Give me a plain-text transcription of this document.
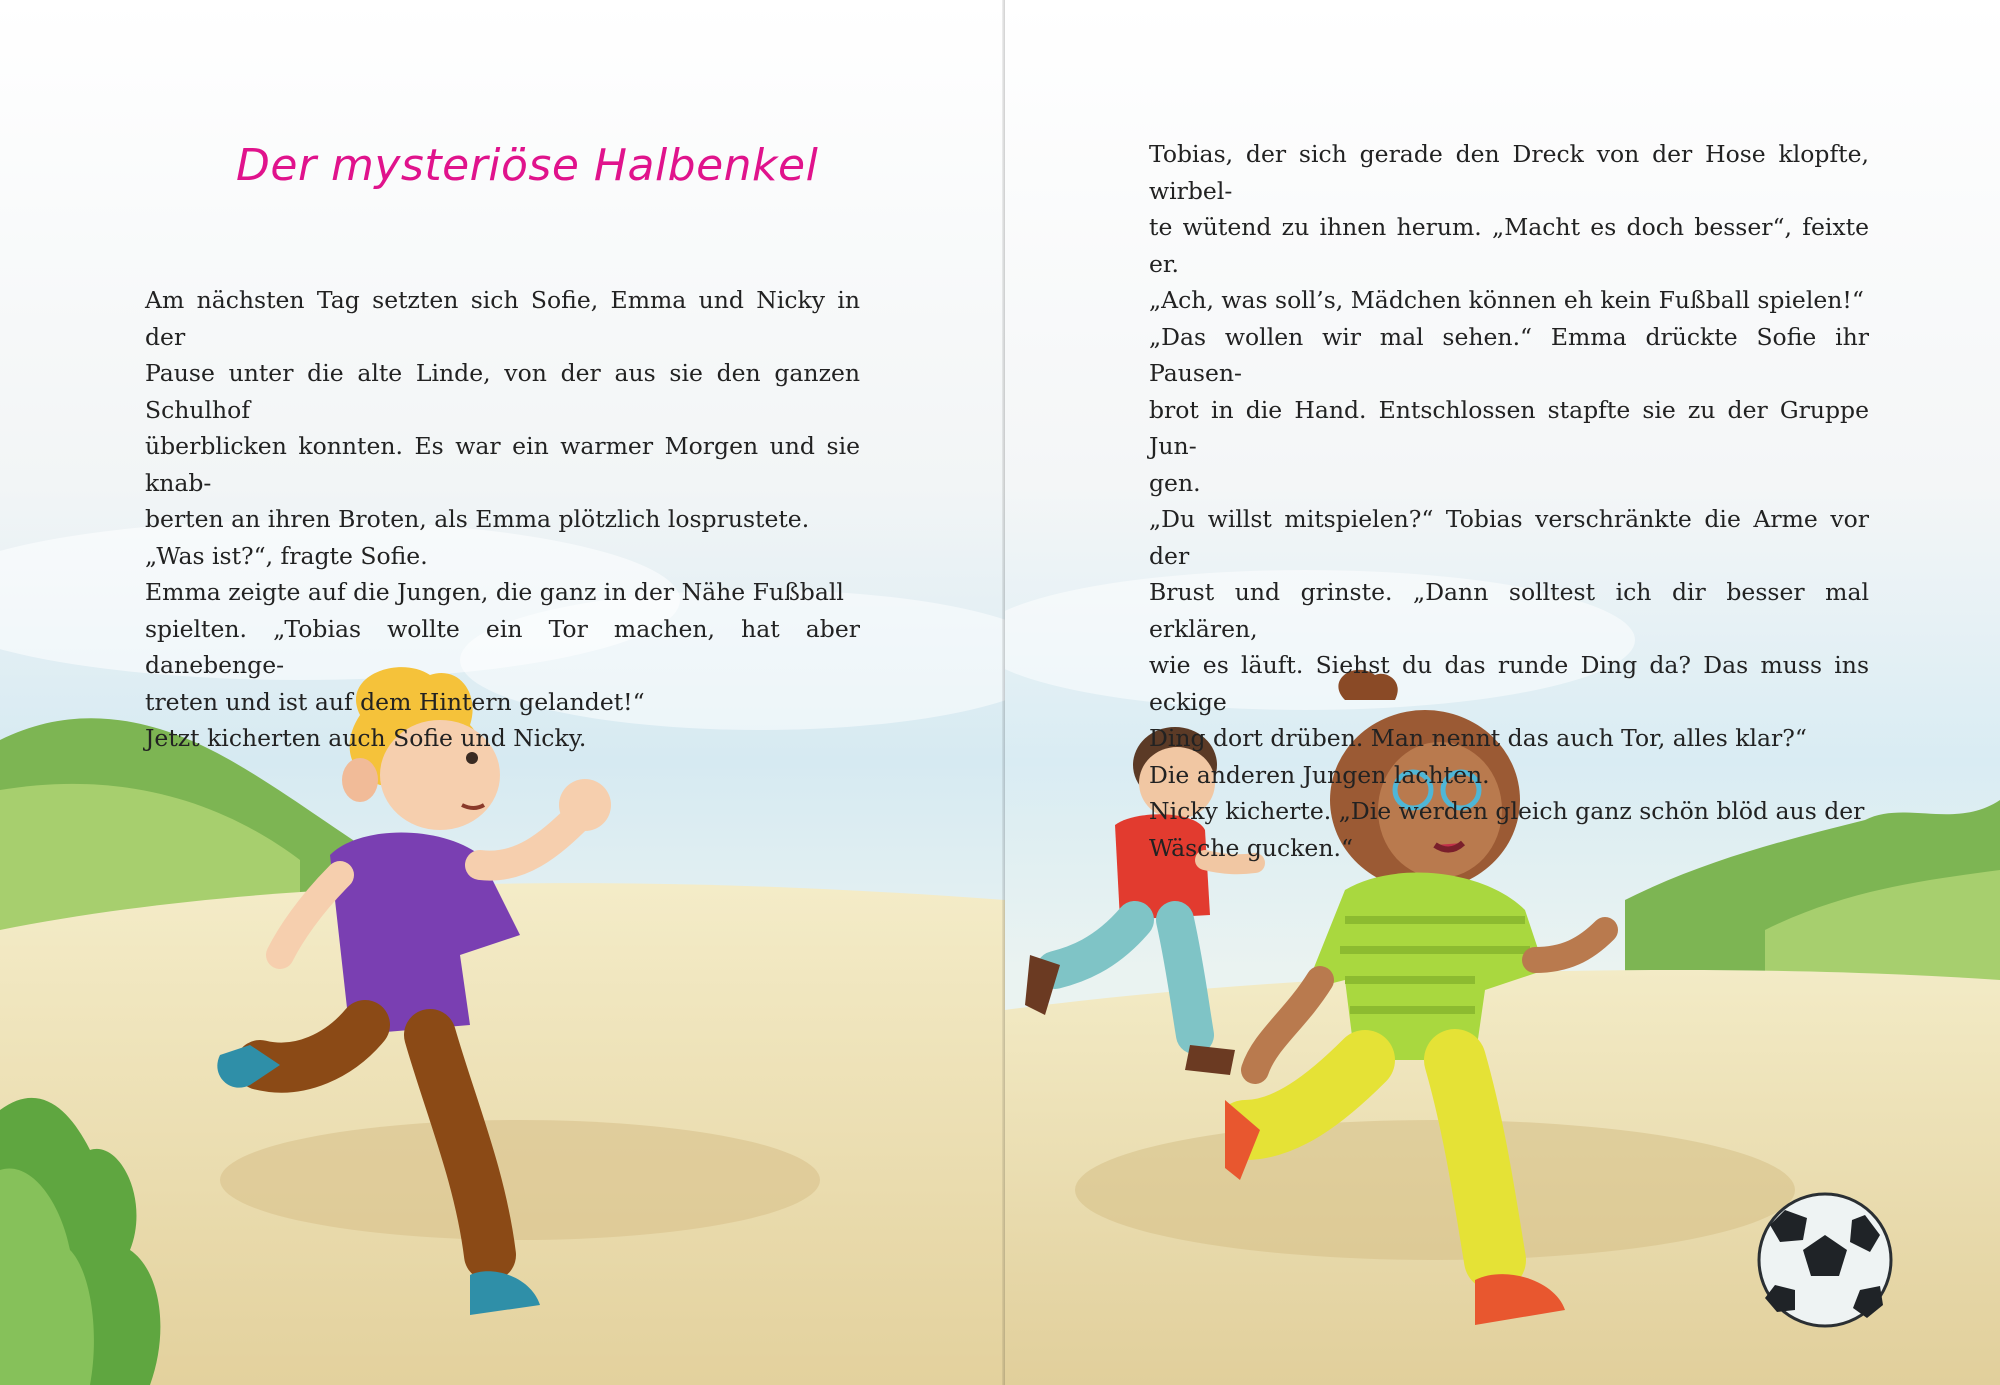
Der mysteriöse Halbenkel

Am nächsten Tag setzten sich Sofie, Emma und Nicky in der

Pause unter die alte Linde, von der aus sie den ganzen Schulhof

überblicken konnten. Es war ein warmer Morgen und sie knab-

berten an ihren Broten, als Emma plötzlich losprustete.

„Was ist?“, fragte Sofie.

Emma zeigte auf die Jungen, die ganz in der Nähe Fußball

spielten. „Tobias wollte ein Tor machen, hat aber danebenge-

treten und ist auf dem Hintern gelandet!“

Jetzt kicherten auch Sofie und Nicky.

Tobias, der sich gerade den Dreck von der Hose klopfte, wirbel-

te wütend zu ihnen herum. „Macht es doch besser“, feixte er.

„Ach, was soll’s, Mädchen können eh kein Fußball spielen!“

„Das wollen wir mal sehen.“ Emma drückte Sofie ihr Pausen-

brot in die Hand. Entschlossen stapfte sie zu der Gruppe Jun-

gen.

„Du willst mitspielen?“ Tobias verschränkte die Arme vor der

Brust und grinste. „Dann solltest ich dir besser mal erklären,

wie es läuft. Siehst du das runde Ding da? Das muss ins eckige

Ding dort drüben. Man nennt das auch Tor, alles klar?“

Die anderen Jungen lachten.

Nicky kicherte. „Die werden gleich ganz schön blöd aus der

Wäsche gucken.“
